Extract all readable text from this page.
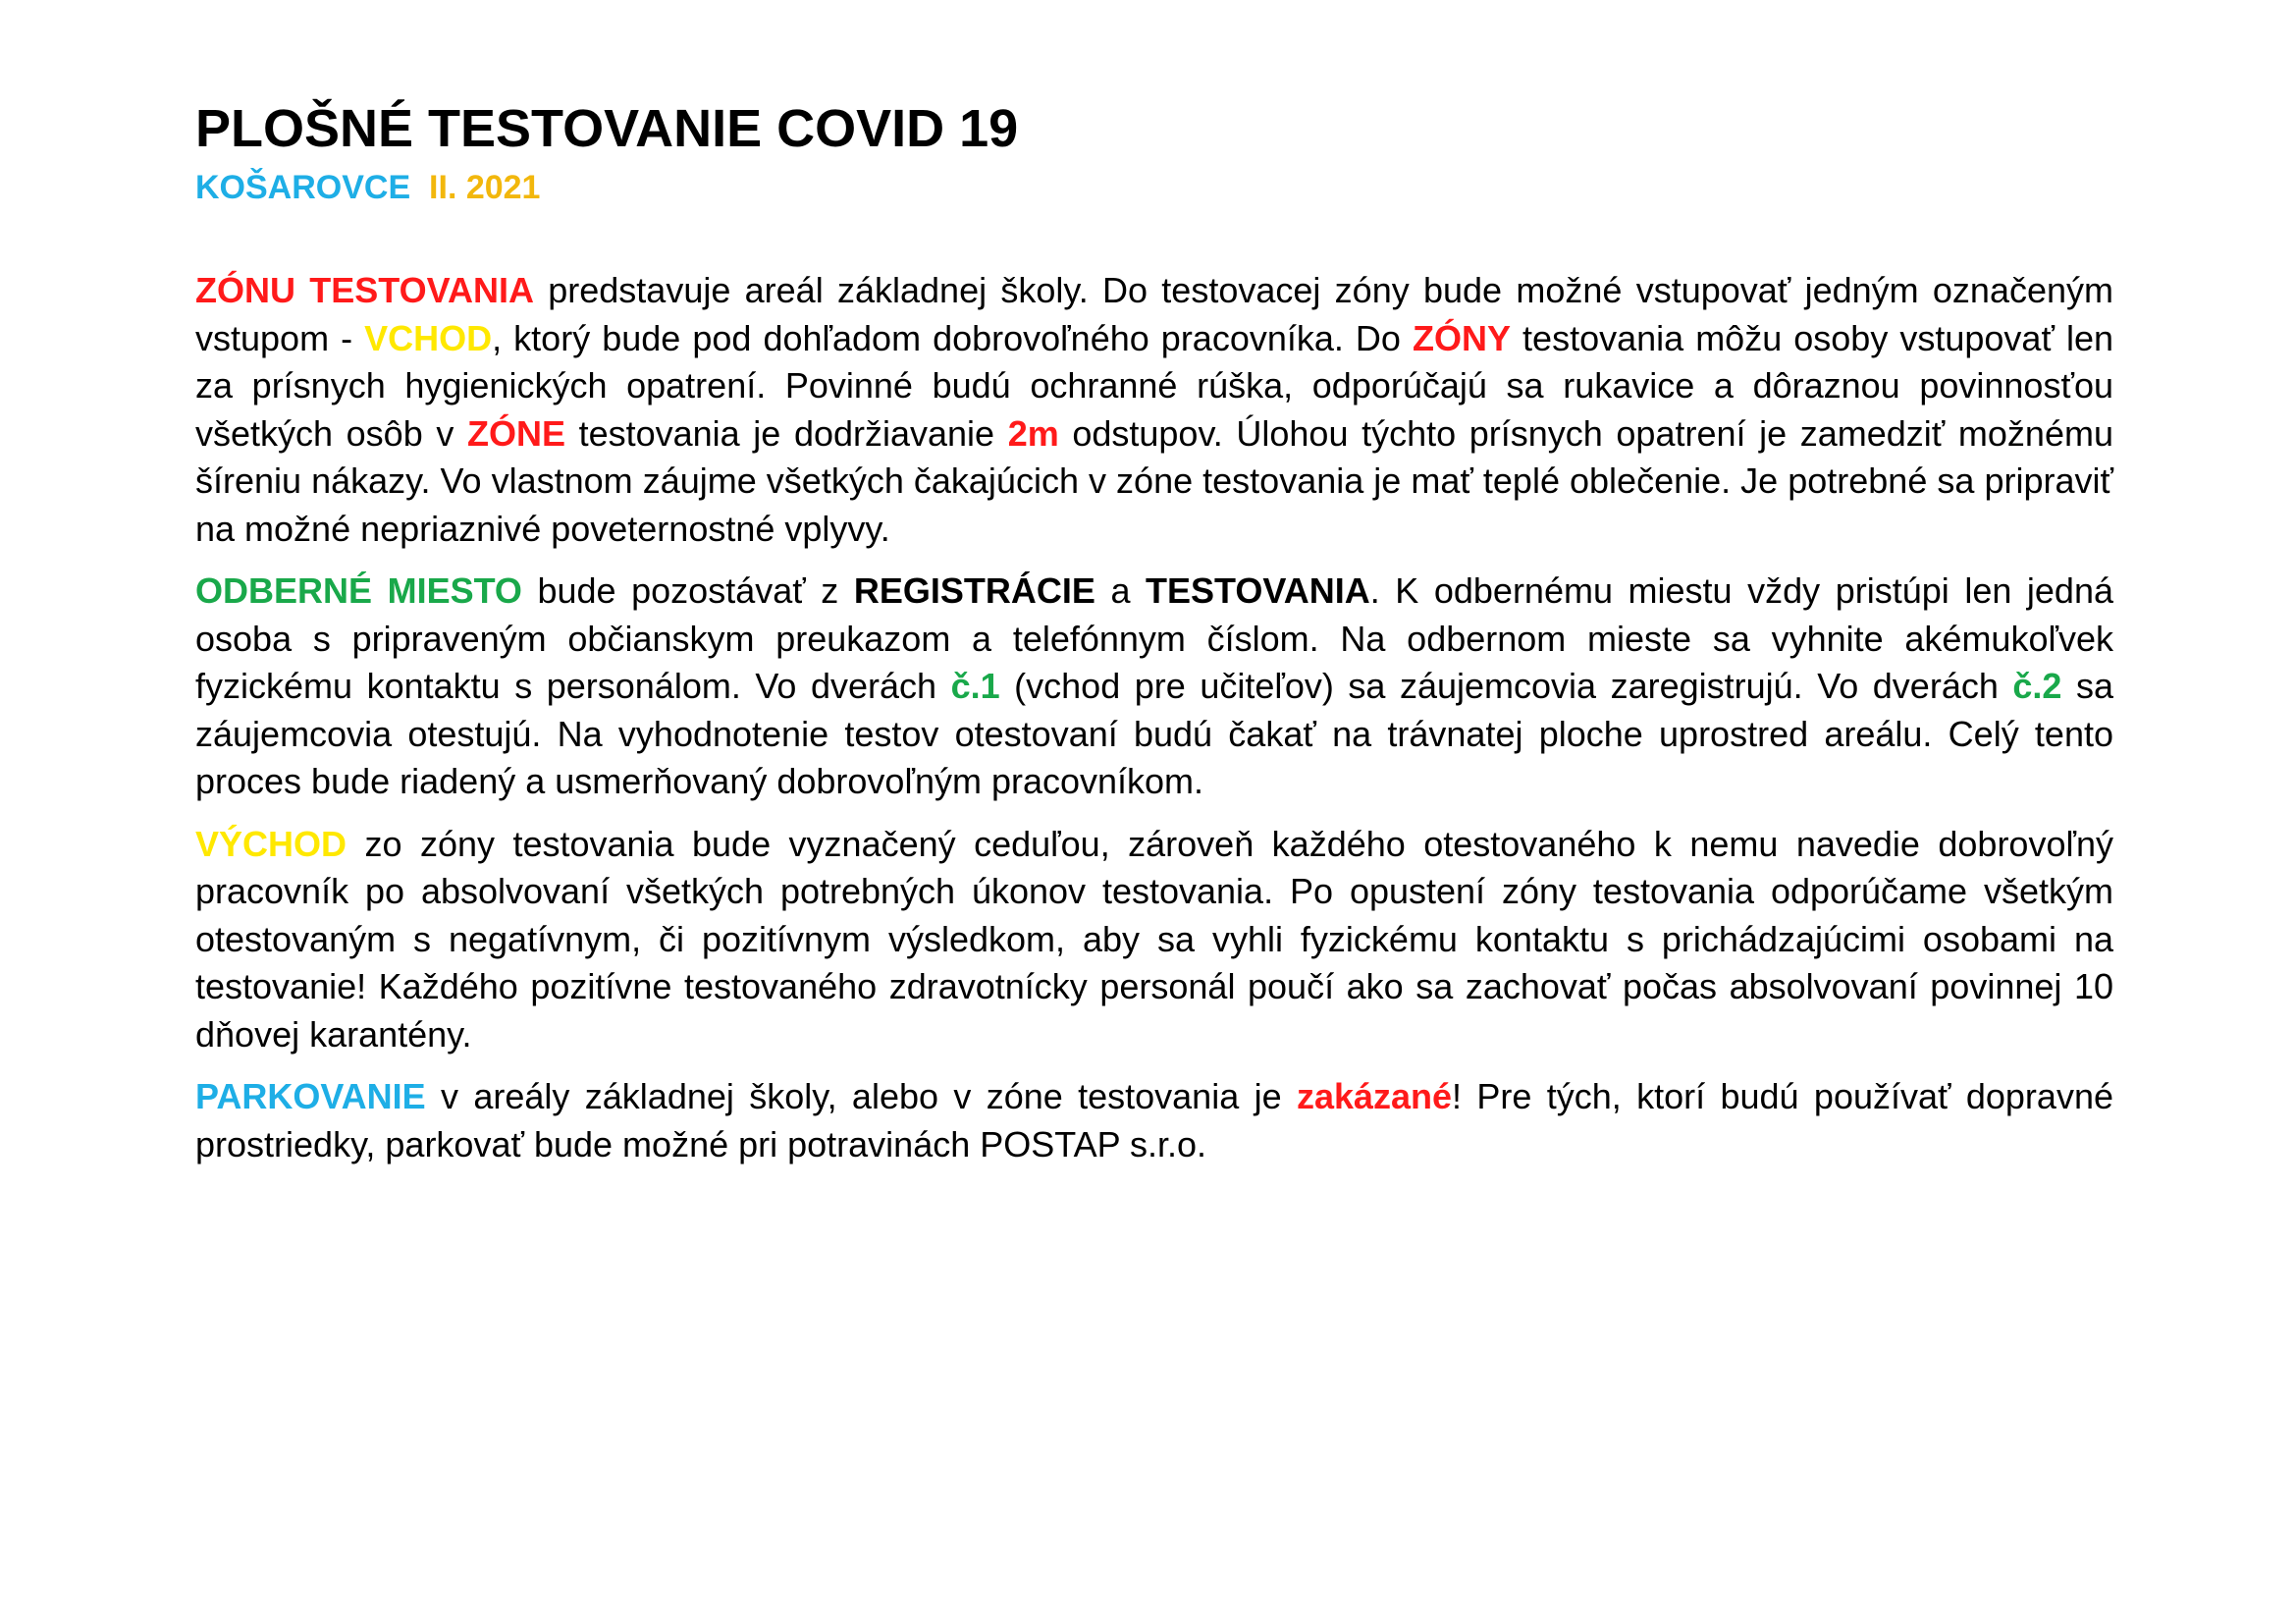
PLOŠNÉ TESTOVANIE COVID 19
KOŠAROVCE II. 2021

ZÓNU TESTOVANIA predstavuje areál základnej školy. Do testovacej zóny bude možné vstupovať jedným označeným vstupom - VCHOD, ktorý bude pod dohľadom dobrovoľného pracovníka. Do ZÓNY testovania môžu osoby vstupovať len za prísnych hygienických opatrení. Povinné budú ochranné rúška, odporúčajú sa rukavice a dôraznou povinnosťou všetkých osôb v ZÓNE testovania je dodržiavanie 2m odstupov. Úlohou týchto prísnych opatrení je zamedziť možnému šíreniu nákazy. Vo vlastnom záujme všetkých čakajúcich v zóne testovania je mať teplé oblečenie. Je potrebné sa pripraviť na možné nepriaznivé poveternostné vplyvy.

ODBERNÉ MIESTO bude pozostávať z REGISTRÁCIE a TESTOVANIA. K odbernému miestu vždy pristúpi len jedná osoba s pripraveným občianskym preukazom a telefónnym číslom. Na odbernom mieste sa vyhnite akémukoľvek fyzickému kontaktu s personálom. Vo dverách č.1 (vchod pre učiteľov) sa záujemcovia zaregistrujú. Vo dverách č.2 sa záujemcovia otestujú. Na vyhodnotenie testov otestovaní budú čakať na trávnatej ploche uprostred areálu. Celý tento proces bude riadený a usmerňovaný dobrovoľným pracovníkom.

VÝCHOD zo zóny testovania bude vyznačený ceduľou, zároveň každého otestovaného k nemu navedie dobrovoľný pracovník po absolvovaní všetkých potrebných úkonov testovania. Po opustení zóny testovania odporúčame všetkým otestovaným s negatívnym, či pozitívnym výsledkom, aby sa vyhli fyzickému kontaktu s prichádzajúcimi osobami na testovanie! Každého pozitívne testovaného zdravotnícky personál poučí ako sa zachovať počas absolvovaní povinnej 10 dňovej karantény.

PARKOVANIE v areály základnej školy, alebo v zóne testovania je zakázané! Pre tých, ktorí budú používať dopravné prostriedky, parkovať bude možné pri potravinách POSTAP s.r.o.
